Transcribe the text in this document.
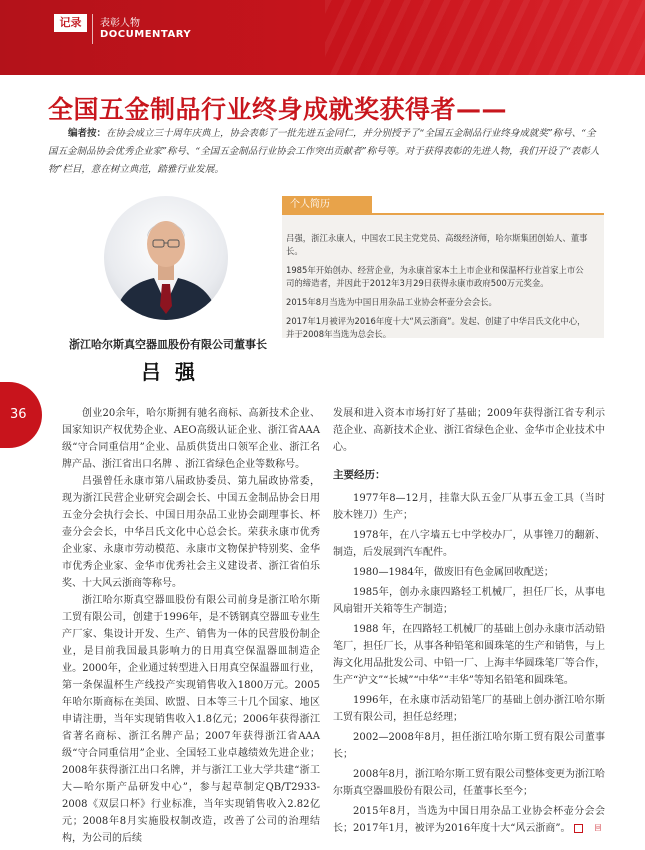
记录	表彰人物
DOCUMENTARY
全国五金制品行业终身成就奖获得者——
编者按：在协会成立三十周年庆典上，协会表彰了一批先进五金同仁，并分别授予了“全国五金制品行业终身成就奖”称号、“全国五金制品协会优秀企业家”称号、“全国五金制品行业协会工作突出贡献者”称号等。对于获得表彰的先进人物，我们开设了“表彰人物”栏目，意在树立典范，踏雅行业发展。
浙江哈尔斯真空器皿股份有限公司董事长
吕强
个人简历

吕强，浙江永康人，中国农工民主党党员、高级经济师，哈尔斯集团创始人、董事长。

1985年开始创办、经营企业，为永康首家本土上市企业和保温杯行业首家上市公司的缔造者，并因此于2012年3月29日获得永康市政府500万元奖金。

2015年8月当选为中国日用杂品工业协会杯壶分会会长。

2017年1月被评为2016年度十大“风云浙商”。发起、创建了中华吕氏文化中心，并于2008年当选为总会长。

36	创业20余年，哈尔斯拥有驰名商标、高新技术企业、国家知识产权优势企业、AEO高级认证企业、浙江省AAA级“守合同重信用”企业、品质供货出口领军企业、浙江名牌产品、浙江省出口名牌 、浙江省绿色企业等数称号。

吕强曾任永康市第八届政协委员、第九届政协常委，现为浙江民营企业研究会副会长、中国五金制品协会日用五金分会执行会长、中国日用杂品工业协会副理事长、杯壶分会会长，中华吕氏文化中心总会长。荣获永康市优秀企业家、永康市劳动模范、永康市文物保护特别奖、金华市优秀企业家、金华市优秀社会主义建设者、浙江省伯乐奖、十大风云浙商等称号。

浙江哈尔斯真空器皿股份有限公司前身是浙江哈尔斯工贸有限公司，创建于1996年，是不锈钢真空器皿专业生产厂家、集设计开发、生产、销售为一体的民营股份制企业，是目前我国最具影响力的日用真空保温器皿制造企业。2000年，企业通过转型进入日用真空保温器皿行业，第一条保温杯生产线投产实现销售收入1800万元。2005年哈尔斯商标在美国、欧盟、日本等三十几个国家、地区申请注册，当年实现销售收入1.8亿元；2006年获得浙江省著名商标、浙江名牌产品；2007年获得浙江省AAA级“守合同重信用”企业、全国轻工业卓越绩效先进企业；2008年获得浙江出口名牌，并与浙江工业大学共建“浙工大—哈尔斯产品研发中心”，参与起草制定QB/T2933-2008《双层口杯》行业标准，当年实现销售收入2.82亿元；2008年8月实施股权制改造，改善了公司的治理结构，为公司的后续

发展和进入资本市场打好了基础；2009年获得浙江省专利示范企业、高新技术企业、浙江省绿色企业、金华市企业技术中心。

主要经历：

1977年8—12月，挂靠大队五金厂从事五金工具（当时胶木锉刀）生产；

1978年，在八字墙五七中学校办厂，从事锉刀的翻新、制造，后发展到汽车配件。

1980—1984年，做废旧有色金属回收配送；

1985年，创办永康四路轻工机械厂，担任厂长，从事电风扇钳开关箱等生产制造；

1988 年，在四路轻工机械厂的基础上创办永康市活动铅笔厂，担任厂长，从事各种铅笔和圆珠笔的生产和销售，与上海文化用品批发公司、中铅一厂、上海丰华圆珠笔厂等合作，生产“沪文”“长城”“中华”“丰华”等知名铅笔和圆珠笔。

1996年，在永康市活动铅笔厂的基础上创办浙江哈尔斯工贸有限公司，担任总经理；

2002—2008年8月，担任浙江哈尔斯工贸有限公司董事长；

2008年8月，浙江哈尔斯工贸有限公司整体变更为浙江哈尔斯真空器皿股份有限公司，任董事长至今；

2015年8月，当选为中国日用杂品工业协会杯壶分会会长；2017年1月，被评为2016年度十大“风云浙商”。	回
